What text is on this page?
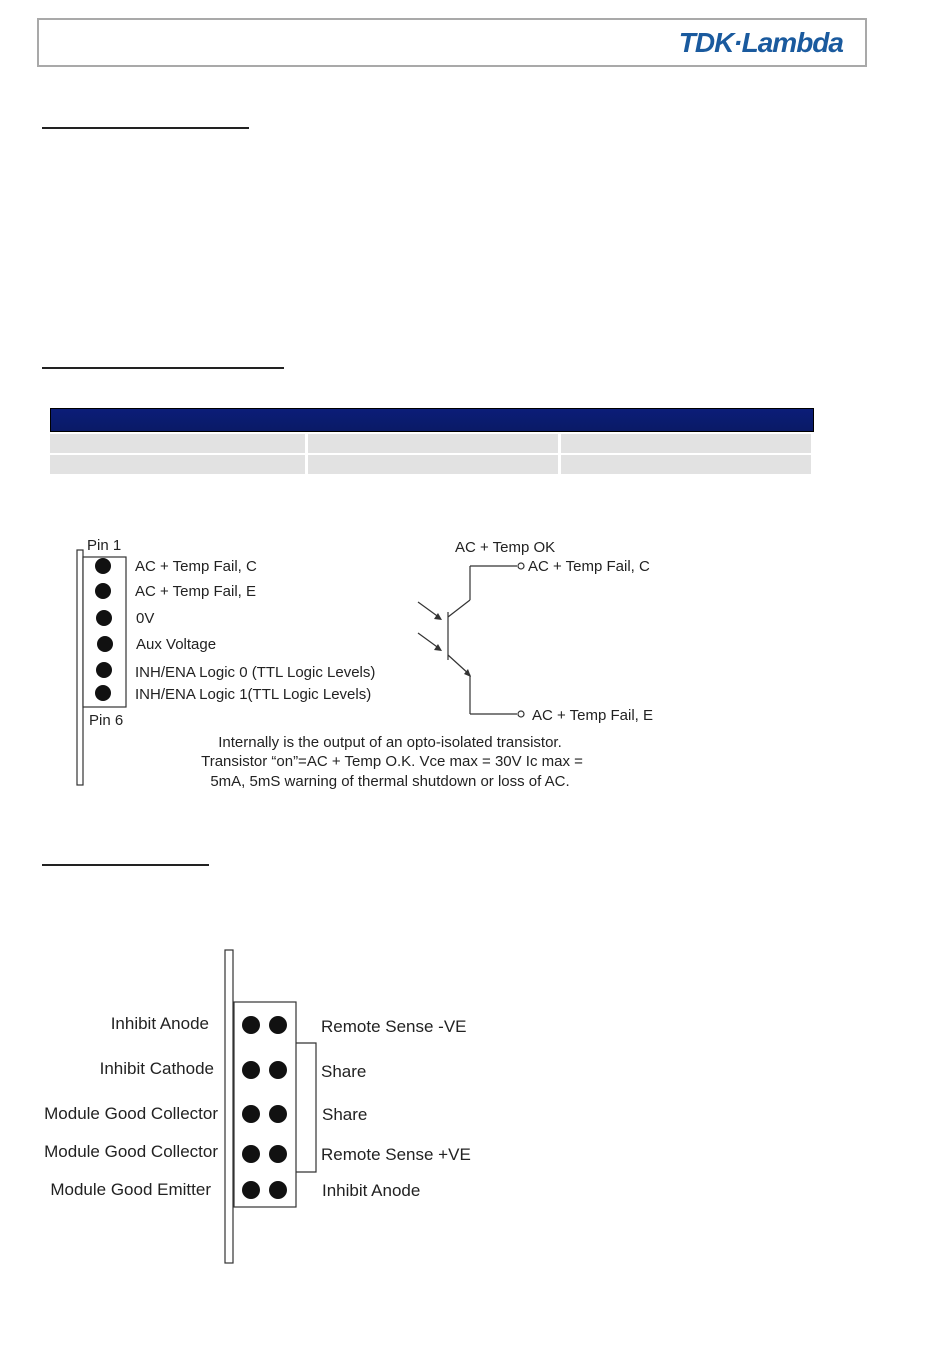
TDK·Lambda
Pin 1
Pin 6
AC + Temp Fail, C
AC + Temp Fail, E
0V
Aux Voltage
INH/ENA Logic 0 (TTL Logic Levels)
INH/ENA Logic 1(TTL Logic Levels)
AC + Temp OK
AC + Temp Fail, C
AC + Temp Fail, E
Internally is the output of an opto-isolated transistor.
Transistor “on”=AC + Temp O.K. Vce max = 30V Ic max =
5mA, 5mS warning of thermal shutdown or loss of AC.
Inhibit Anode
Inhibit Cathode
Module Good Collector
Module Good Collector
Module Good Emitter
Remote Sense -VE
Share
Share
Remote Sense +VE
Inhibit Anode
